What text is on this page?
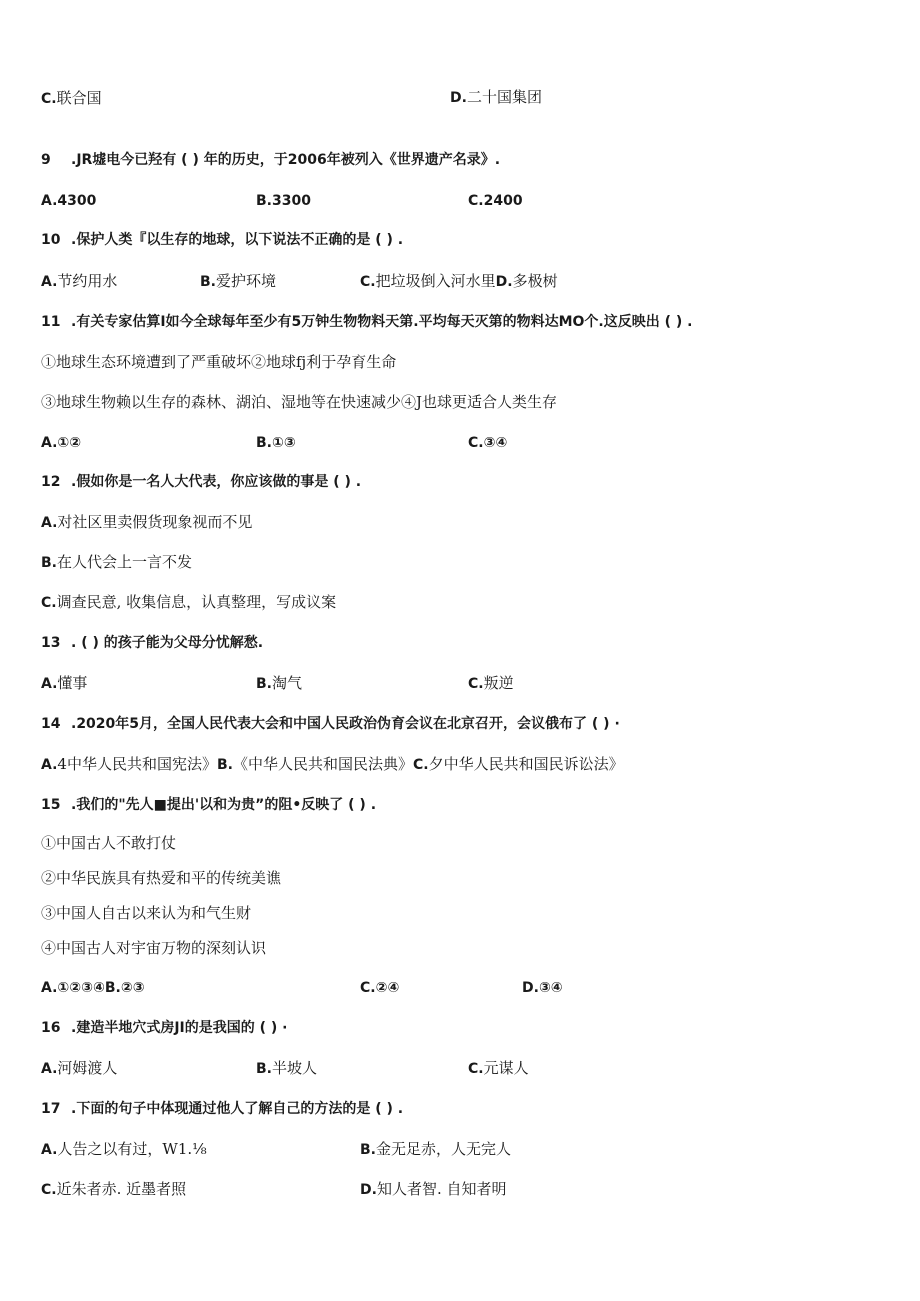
C.联合国	D.二十国集团
9 .JR墟电今已羟有 ( ) 年的历史，于2006年被列入《世界遗产名录》.
A.4300	B.3300	C.2400
10 .保护人类『以生存的地球，以下说法不正确的是 ( ) .
A.节约用水	B.爱护环境	C.把垃圾倒入河水里D.多极树
11 .有关专家估算I如今全球每年至少有5万钟生物物料天第.平均每天灭第的物料达MO个.这反映出 ( ) .
①地球生态环境遭到了严重破坏②地球fj利于孕育生命
③地球生物赖以生存的森林、湖泊、湿地等在快速减少④J也球更适合人类生存
A.①②	B.①③	C.③④
12 .假如你是一名人大代表，你应该做的事是 ( ) .
A.对社区里卖假货现象视而不见
B.在人代会上一言不发
C.调查民意, 收集信息，认真整理，写成议案
13 . ( ) 的孩子能为父母分忧解愁.
A.懂事	B.淘气	C.叛逆
14 .2020年5月，全国人民代表大会和中国人民政治伪育会议在北京召开，会议俄布了 ( ) ·
A.4中华人民共和国宪法》B.《中华人民共和国民法典》C.夕中华人民共和国民诉讼法》
15 .我们的"先人■提出'以和为贵”的阻•反映了 ( ) .
①中国古人不敢打仗
②中华民族具有热爱和平的传统美谯
③中国人自古以来认为和气生财
④中国古人对宇宙万物的深刻认识
A.①②③④B.②③	C.②④	D.③④
16 .建造半地穴式房JI的是我国的 ( ) ·
A.河姆渡人	B.半坡人	C.元谋人
17 .下面的句子中体现通过他人了解自己的方法的是 ( ) .
A.人告之以有过，W1.⅛	B.金无足赤，人无完人
C.近朱者赤. 近墨者照	D.知人者智. 自知者明
